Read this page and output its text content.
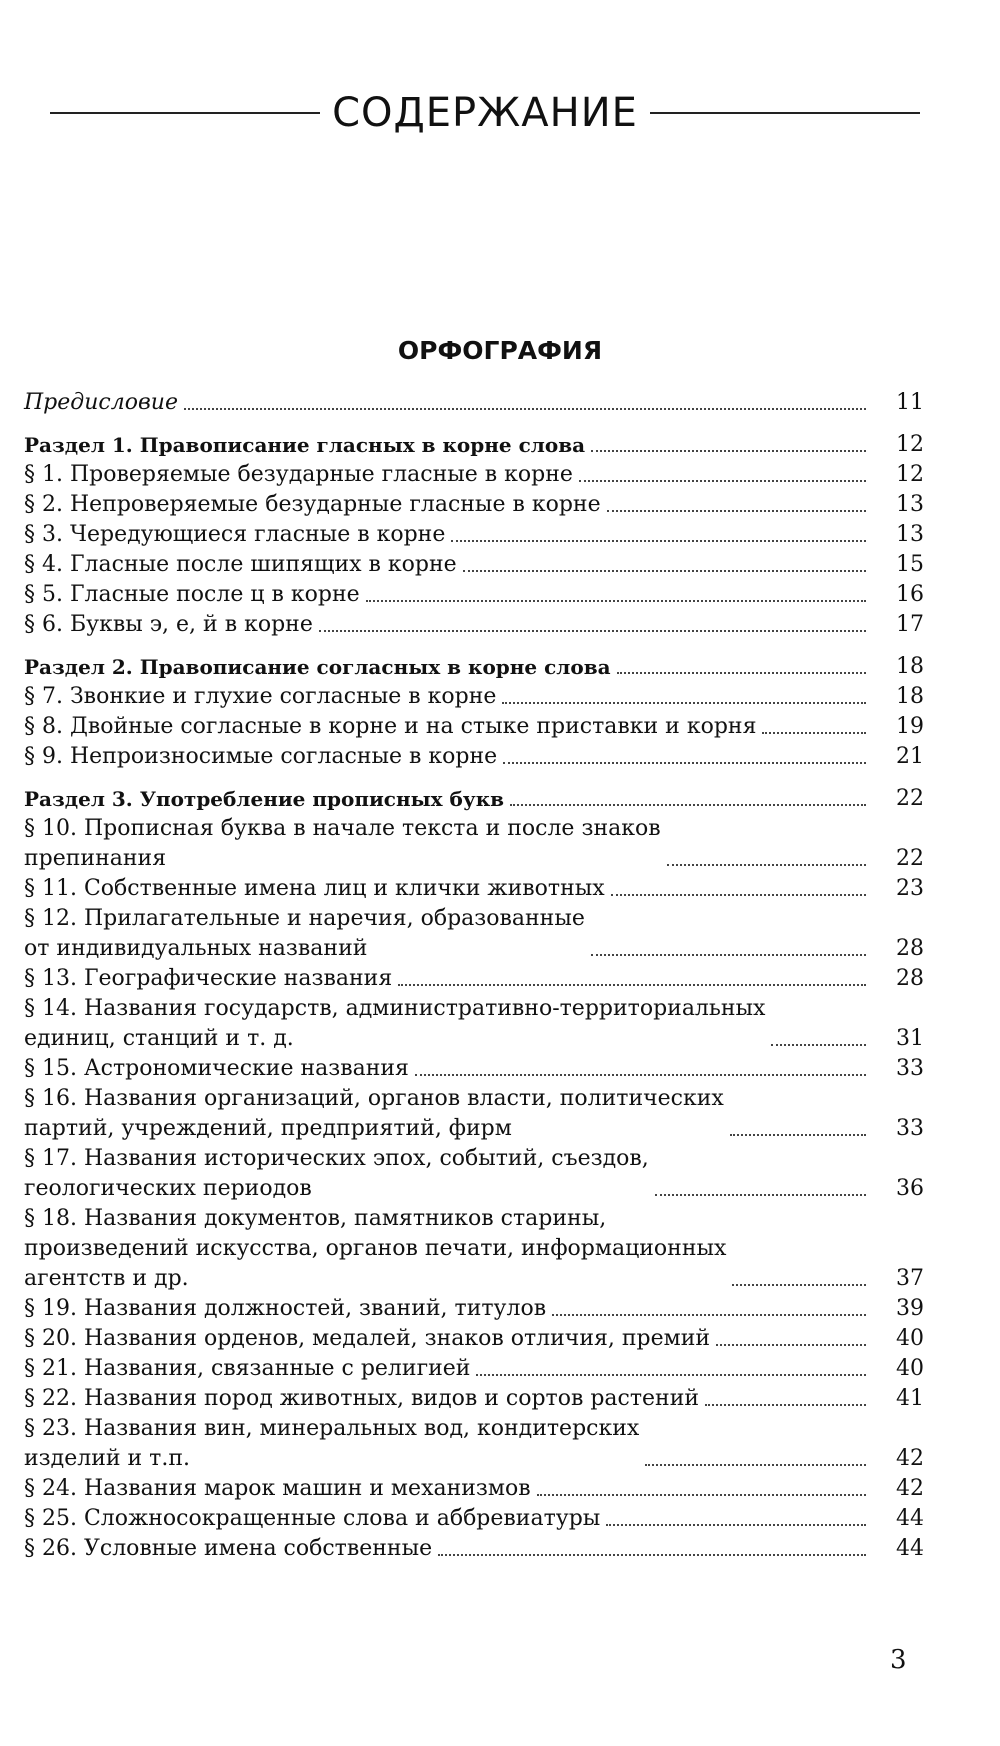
СОДЕРЖАНИЕ
ОРФОГРАФИЯ
Предисловие	11
Раздел 1. Правописание гласных в корне слова	12
§ 1. Проверяемые безударные гласные в корне	12
§ 2. Непроверяемые безударные гласные в корне	13
§ 3. Чередующиеся гласные в корне	13
§ 4. Гласные после шипящих в корне	15
§ 5. Гласные после ц в корне	16
§ 6. Буквы э, е, й в корне	17
Раздел 2. Правописание согласных в корне слова	18
§ 7. Звонкие и глухие согласные в корне	18
§ 8. Двойные согласные в корне и на стыке приставки и корня	19
§ 9. Непроизносимые согласные в корне	21
Раздел 3. Употребление прописных букв	22
§ 10. Прописная буква в начале текста и после знаков
препинания	22
§ 11. Собственные имена лиц и клички животных	23
§ 12. Прилагательные и наречия, образованные
от индивидуальных названий	28
§ 13. Географические названия	28
§ 14. Названия государств, административно-территориальных
единиц, станций и т. д.	31
§ 15. Астрономические названия	33
§ 16. Названия организаций, органов власти, политических
партий, учреждений, предприятий, фирм	33
§ 17. Названия исторических эпох, событий, съездов,
геологических периодов	36
§ 18. Названия документов, памятников старины,
произведений искусства, органов печати, информационных
агентств и др.	37
§ 19. Названия должностей, званий, титулов	39
§ 20. Названия орденов, медалей, знаков отличия, премий	40
§ 21. Названия, связанные с религией	40
§ 22. Названия пород животных, видов и сортов растений	41
§ 23. Названия вин, минеральных вод, кондитерских
изделий и т.п.	42
§ 24. Названия марок машин и механизмов	42
§ 25. Сложносокращенные слова и аббревиатуры	44
§ 26. Условные имена собственные	44
3
